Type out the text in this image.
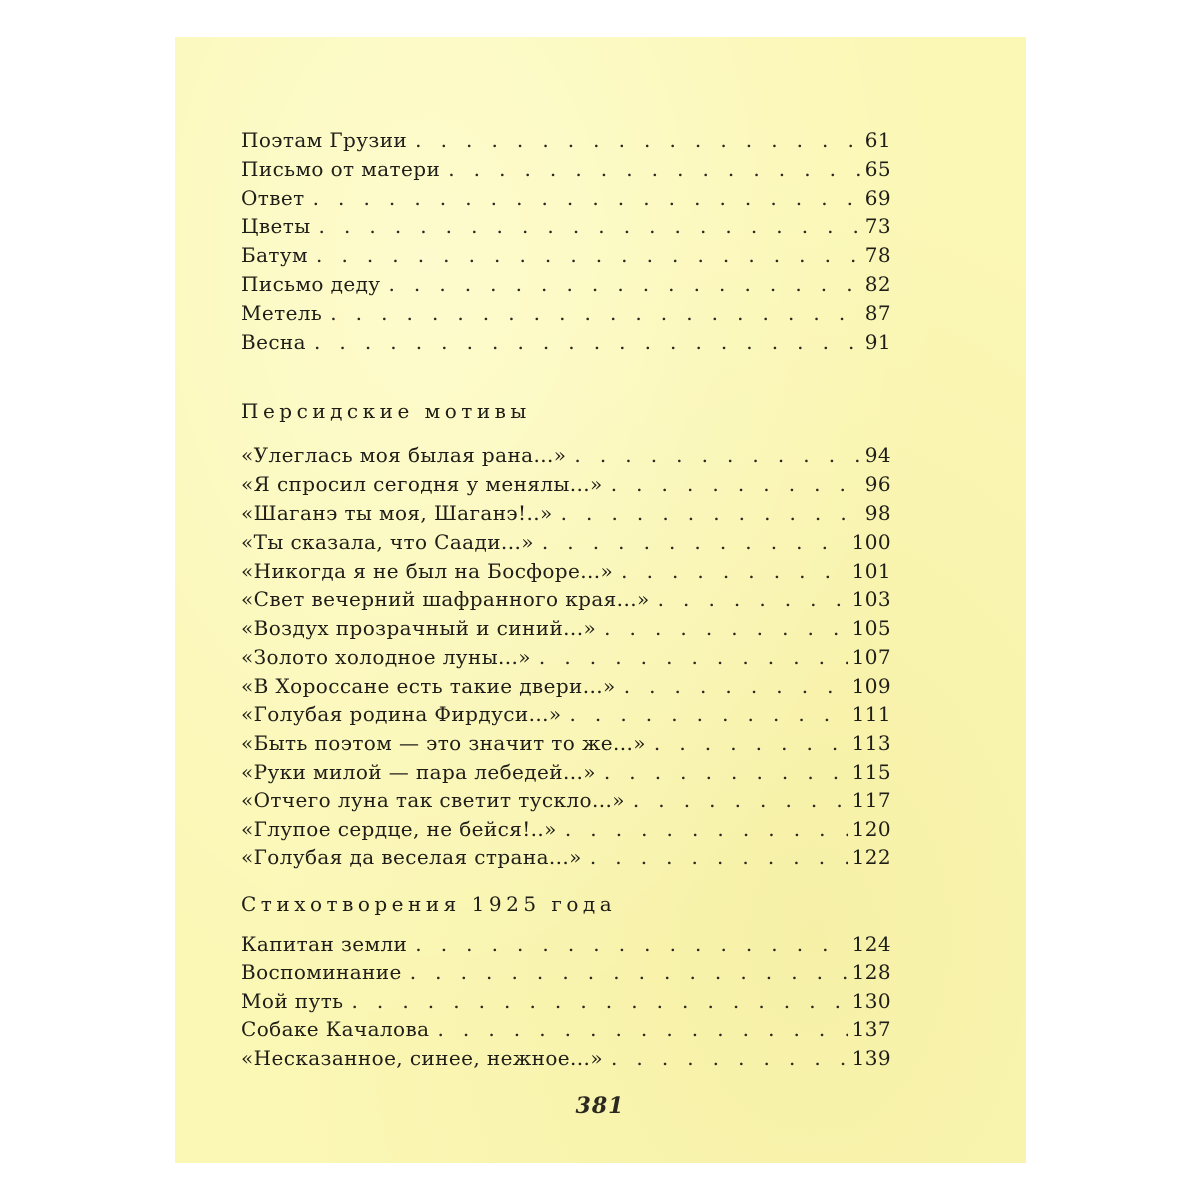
Поэтам Грузии .   .	61
Письмо от матери .   .	65
Ответ .   .	69
Цветы .   .	73
Батум .   .	78
Письмо деду .   .	82
Метель .   .	87
Весна .   .	91
Персидские мотивы
«Улеглась моя былая рана...» .   .	94
«Я спросил сегодня у менялы...» .   .	96
«Шаганэ ты моя, Шаганэ!..» .   .	98
«Ты сказала, что Саади...» .   .	100
«Никогда я не был на Босфоре...» .   .	101
«Свет вечерний шафранного края...» .   .	103
«Воздух прозрачный и синий...» .   .	105
«Золото холодное луны...» .   .	107
«В Хороссане есть такие двери...» .   .	109
«Голубая родина Фирдуси...» .   .	111
«Быть поэтом — это значит то же...» .   .	113
«Руки милой — пара лебедей...» .   .	115
«Отчего луна так светит тускло...» .   .	117
«Глупое сердце, не бейся!..» .   .	120
«Голубая да веселая страна...» .   .	122
Стихотворения 1925 года
Капитан земли .   .	124
Воспоминание .   .	128
Мой путь .   .	130
Собаке Качалова .   .	137
«Несказанное, синее, нежное...» .   .	139
381
